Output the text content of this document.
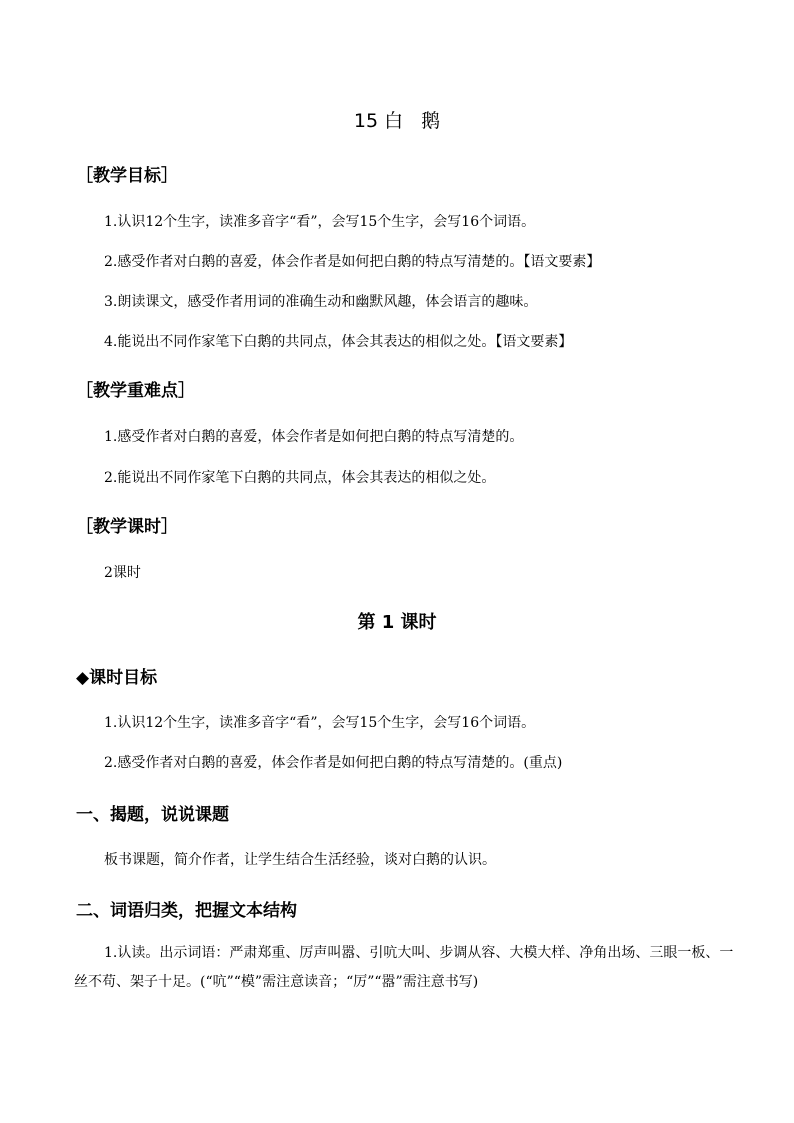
15 白 鹅
［教学目标］
1.认识12个生字，读准多音字“看”，会写15个生字，会写16个词语。
2.感受作者对白鹅的喜爱，体会作者是如何把白鹅的特点写清楚的。【语文要素】
3.朗读课文，感受作者用词的准确生动和幽默风趣，体会语言的趣味。
4.能说出不同作家笔下白鹅的共同点，体会其表达的相似之处。【语文要素】
［教学重难点］
1.感受作者对白鹅的喜爱，体会作者是如何把白鹅的特点写清楚的。
2.能说出不同作家笔下白鹅的共同点，体会其表达的相似之处。
［教学课时］
2课时
第 1 课时
◆课时目标
1.认识12个生字，读准多音字“看”，会写15个生字，会写16个词语。
2.感受作者对白鹅的喜爱，体会作者是如何把白鹅的特点写清楚的。(重点)
一、揭题，说说课题
板书课题，简介作者，让学生结合生活经验，谈对白鹅的认识。
二、词语归类，把握文本结构
1.认读。出示词语：严肃郑重、厉声叫嚣、引吭大叫、步调从容、大模大样、净角出场、三眼一板、一丝不苟、架子十足。(“吭”“模”需注意读音；“厉”“嚣”需注意书写)
